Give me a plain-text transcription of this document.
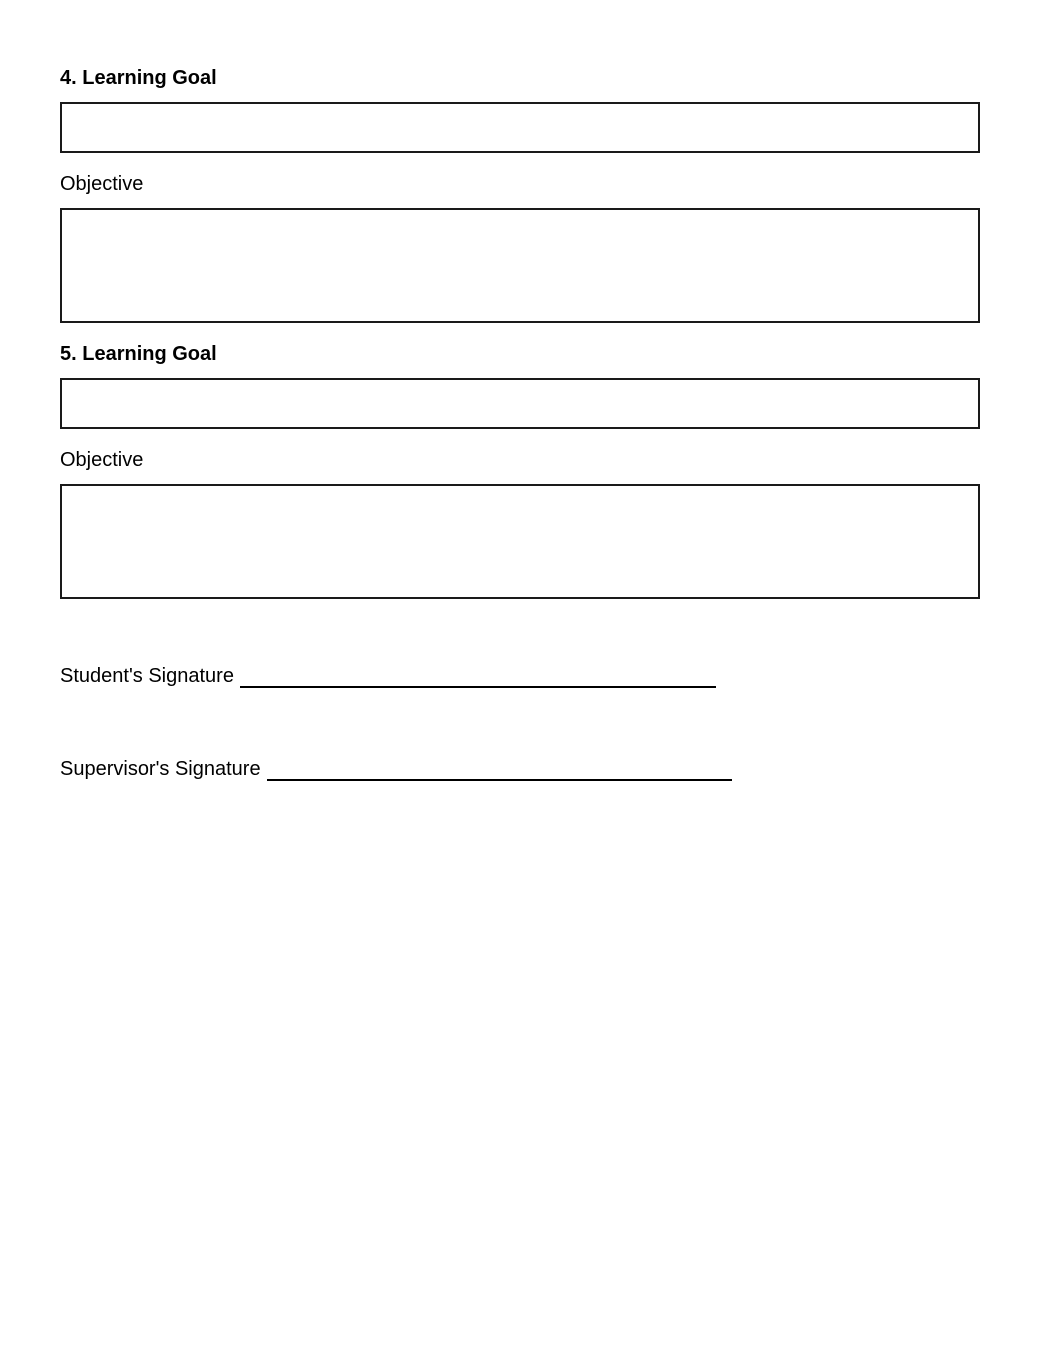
4. Learning Goal

Objective

5. Learning Goal

Objective

Student's Signature
Supervisor's Signature
